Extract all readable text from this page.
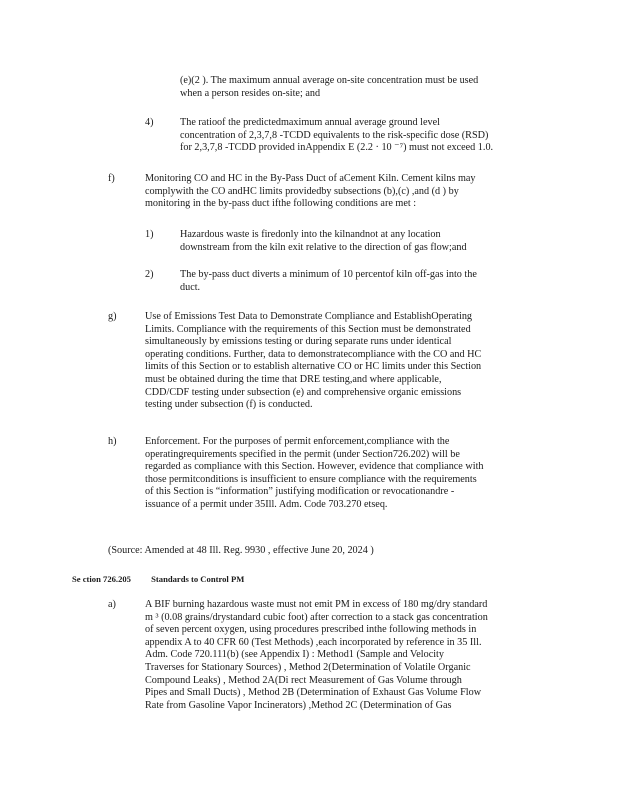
(e)(2 ). The maximum annual average on-site concentration must be used

when a person resides on-site; and

4)	The ratioof the predictedmaximum annual average ground level

concentration of 2,3,7,8 -TCDD equivalents to the risk-specific dose (RSD)

for 2,3,7,8 -TCDD provided inAppendix E (2.2 · 10 ⁻⁷) must not exceed 1.0.

f)	Monitoring CO and HC in the By-Pass Duct of aCement Kiln. Cement kilns may

complywith the CO andHC limits providedby subsections (b),(c) ,and (d ) by

monitoring in the by-pass duct ifthe following conditions are met :

1)	Hazardous waste is firedonly into the kilnandnot at any location

downstream from the kiln exit relative to the direction of gas flow;and

2)	The by-pass duct diverts a minimum of 10 percentof kiln off-gas into the

duct.

g)	Use of Emissions Test Data to Demonstrate Compliance and EstablishOperating

Limits. Compliance with the requirements of this Section must be demonstrated

simultaneously by emissions testing or during separate runs under identical

operating conditions. Further, data to demonstratecompliance with the CO and HC

limits of this Section or to establish alternative CO or HC limits under this Section

must be obtained during the time that DRE testing,and where applicable,

CDD/CDF testing under subsection (e) and comprehensive organic emissions

testing under subsection (f) is conducted.

h)	Enforcement. For the purposes of permit enforcement,compliance with the

operatingrequirements specified in the permit (under Section726.202) will be

regarded as compliance with this Section. However, evidence that compliance with

those permitconditions is insufficient to ensure compliance with the requirements

of this Section is “information” justifying modification or revocationandre -

issuance of a permit under 35Ill. Adm. Code 703.270 etseq.

(Source: Amended at 48 Ill. Reg. 9930 , effective June 20, 2024 )

Se ction 726.205 Standards to Control PM
a)	A BIF burning hazardous waste must not emit PM in excess of 180 mg/dry standard

m ³ (0.08 grains/drystandard cubic foot) after correction to a stack gas concentration

of seven percent oxygen, using procedures prescribed inthe following methods in

appendix A to 40 CFR 60 (Test Methods) ,each incorporated by reference in 35 Ill.

Adm. Code 720.111(b) (see Appendix I) : Method1 (Sample and Velocity

Traverses for Stationary Sources) , Method 2(Determination of Volatile Organic

Compound Leaks) , Method 2A(Di rect Measurement of Gas Volume through

Pipes and Small Ducts) , Method 2B (Determination of Exhaust Gas Volume Flow

Rate from Gasoline Vapor Incinerators) ,Method 2C (Determination of Gas
